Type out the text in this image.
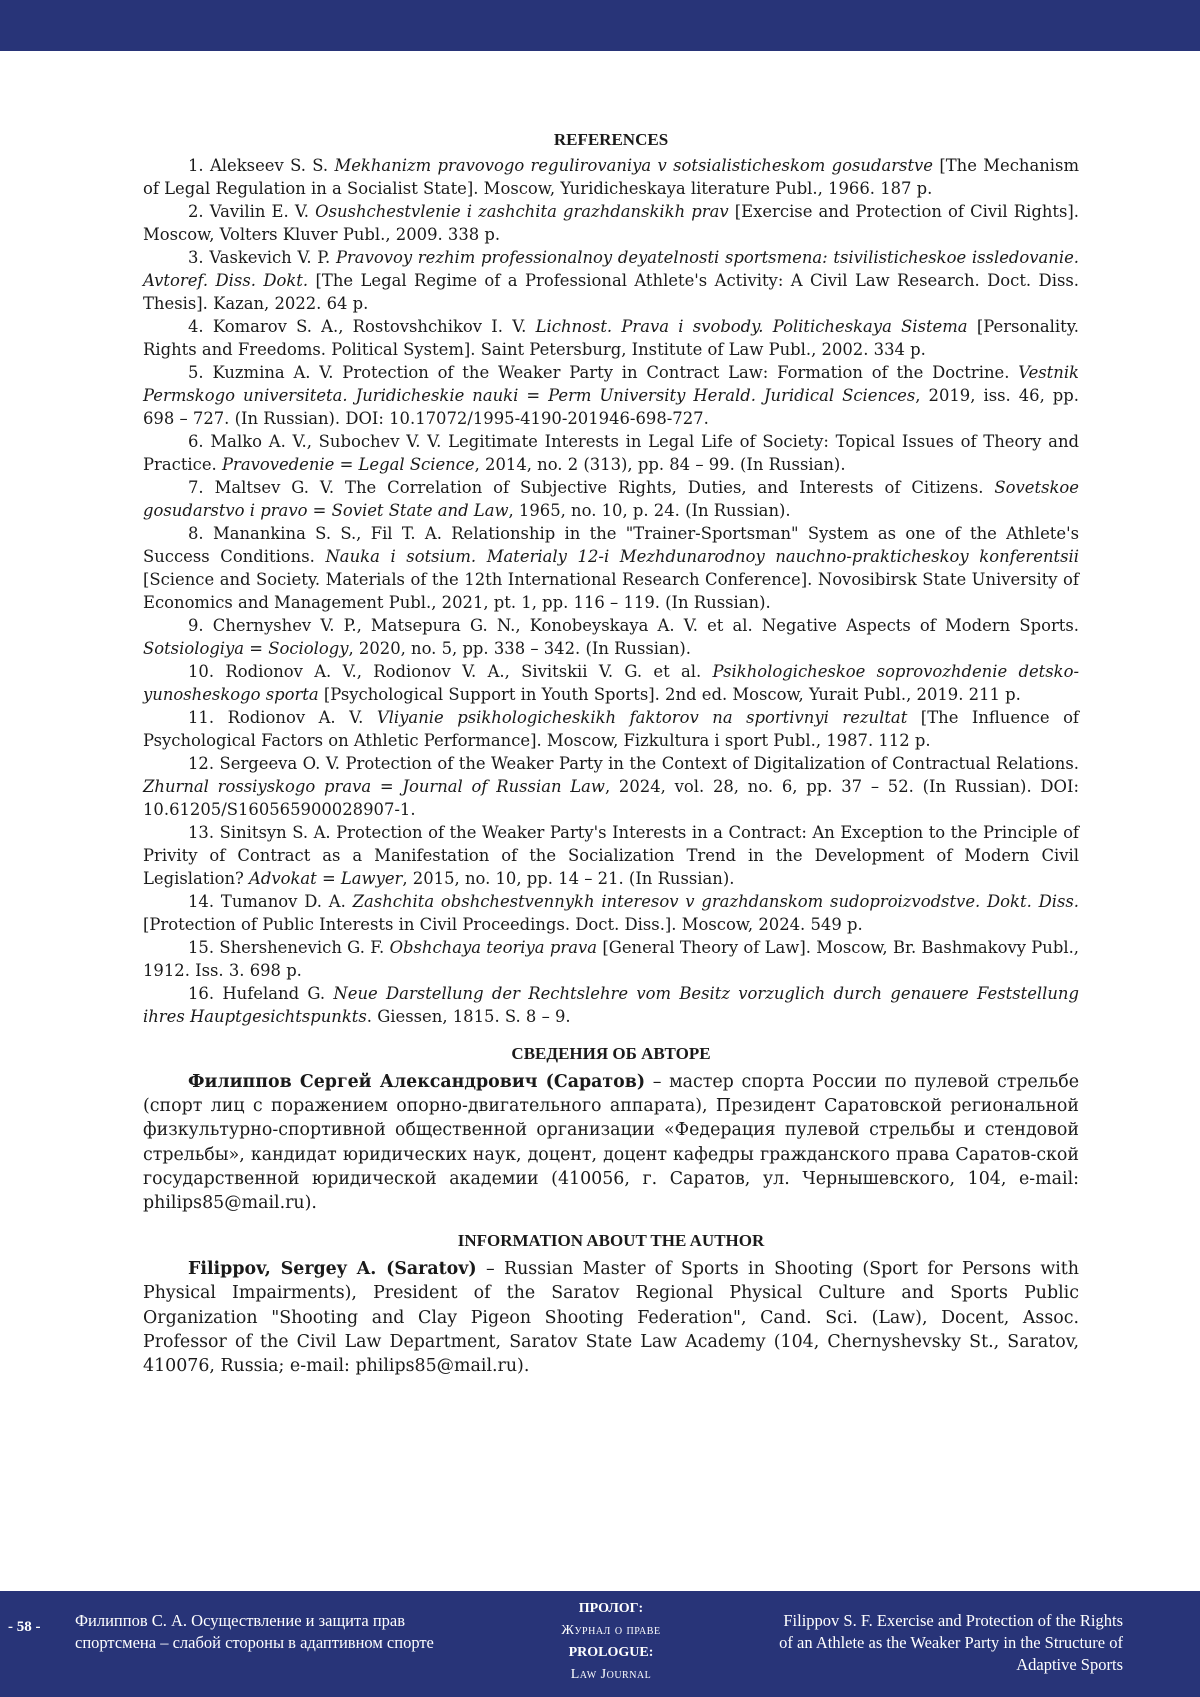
REFERENCES

1. Alekseev S. S. Mekhanizm pravovogo regulirovaniya v sotsialisticheskom gosudarstve [The Mechanism of Legal Regulation in a Socialist State]. Moscow, Yuridicheskaya literature Publ., 1966. 187 p.

2. Vavilin E. V. Osushchestvlenie i zashchita grazhdanskikh prav [Exercise and Protection of Civil Rights]. Moscow, Volters Kluver Publ., 2009. 338 p.

3. Vaskevich V. P. Pravovoy rezhim professionalnoy deyatelnosti sportsmena: tsivilisticheskoe issledovanie. Avtoref. Diss. Dokt. [The Legal Regime of a Professional Athlete's Activity: A Civil Law Research. Doct. Diss. Thesis]. Kazan, 2022. 64 p.

4. Komarov S. A., Rostovshchikov I. V. Lichnost. Prava i svobody. Politicheskaya Sistema [Personality. Rights and Freedoms. Political System]. Saint Petersburg, Institute of Law Publ., 2002. 334 p.

5. Kuzmina A. V. Protection of the Weaker Party in Contract Law: Formation of the Doctrine. Vestnik Permskogo universiteta. Juridicheskie nauki = Perm University Herald. Juridical Sciences, 2019, iss. 46, pp. 698 – 727. (In Russian). DOI: 10.17072/1995-4190-201946-698-727.

6. Malko A. V., Subochev V. V. Legitimate Interests in Legal Life of Society: Topical Issues of Theory and Practice. Pravovedenie = Legal Science, 2014, no. 2 (313), pp. 84 – 99. (In Russian).

7. Maltsev G. V. The Correlation of Subjective Rights, Duties, and Interests of Citizens. Sovetskoe gosudarstvo i pravo = Soviet State and Law, 1965, no. 10, p. 24. (In Russian).

8. Manankina S. S., Fil T. A. Relationship in the "Trainer-Sportsman" System as one of the Athlete's Success Conditions. Nauka i sotsium. Materialy 12-i Mezhdunarodnoy nauchno-prakticheskoy konferentsii [Science and Society. Materials of the 12th International Research Conference]. Novosibirsk State University of Economics and Management Publ., 2021, pt. 1, pp. 116 – 119. (In Russian).

9. Chernyshev V. P., Matsepura G. N., Konobeyskaya A. V. et al. Negative Aspects of Modern Sports. Sotsiologiya = Sociology, 2020, no. 5, pp. 338 – 342. (In Russian).

10. Rodionov A. V., Rodionov V. A., Sivitskii V. G. et al. Psikhologicheskoe soprovozhdenie detsko-yunosheskogo sporta [Psychological Support in Youth Sports]. 2nd ed. Moscow, Yurait Publ., 2019. 211 p.

11. Rodionov A. V. Vliyanie psikhologicheskikh faktorov na sportivnyi rezultat [The Influence of Psychological Factors on Athletic Performance]. Moscow, Fizkultura i sport Publ., 1987. 112 p.

12. Sergeeva O. V. Protection of the Weaker Party in the Context of Digitalization of Contractual Relations. Zhurnal rossiyskogo prava = Journal of Russian Law, 2024, vol. 28, no. 6, pp. 37 – 52. (In Russian). DOI: 10.61205/S160565900028907-1.

13. Sinitsyn S. A. Protection of the Weaker Party's Interests in a Contract: An Exception to the Principle of Privity of Contract as a Manifestation of the Socialization Trend in the Development of Modern Civil Legislation? Advokat = Lawyer, 2015, no. 10, pp. 14 – 21. (In Russian).

14. Tumanov D. A. Zashchita obshchestvennykh interesov v grazhdanskom sudoproizvodstve. Dokt. Diss. [Protection of Public Interests in Civil Proceedings. Doct. Diss.]. Moscow, 2024. 549 p.

15. Shershenevich G. F. Obshchaya teoriya prava [General Theory of Law]. Moscow, Br. Bashmakovy Publ., 1912. Iss. 3. 698 p.

16. Hufeland G. Neue Darstellung der Rechtslehre vom Besitz vorzuglich durch genauere Feststellung ihres Hauptgesichtspunkts. Giessen, 1815. S. 8 – 9.

СВЕДЕНИЯ ОБ АВТОРЕ

Филиппов Сергей Александрович (Саратов) – мастер спорта России по пулевой стрельбе (спорт лиц с поражением опорно-двигательного аппарата), Президент Саратовской региональной физкультурно-спортивной общественной организации «Федерация пулевой стрельбы и стендовой стрельбы», кандидат юридических наук, доцент, доцент кафедры гражданского права Саратов-ской государственной юридической академии (410056, г. Саратов, ул. Чернышевского, 104, e-mail: philips85@mail.ru).

INFORMATION ABOUT THE AUTHOR

Filippov, Sergey A. (Saratov) – Russian Master of Sports in Shooting (Sport for Persons with Physical Impairments), President of the Saratov Regional Physical Culture and Sports Public Organization "Shooting and Clay Pigeon Shooting Federation", Cand. Sci. (Law), Docent, Assoc. Professor of the Civil Law Department, Saratov State Law Academy (104, Chernyshevsky St., Saratov, 410076, Russia; e-mail: philips85@mail.ru).

- 58 - Филиппов С. А. Осуществление и защита прав
спортсмена – слабой стороны в адаптивном спорте
ПРОЛОГ:
Журнал о праве
PROLOGUE:
Law Journal
Filippov S. F. Exercise and Protection of the Rights
of an Athlete as the Weaker Party in the Structure of
Adaptive Sports
